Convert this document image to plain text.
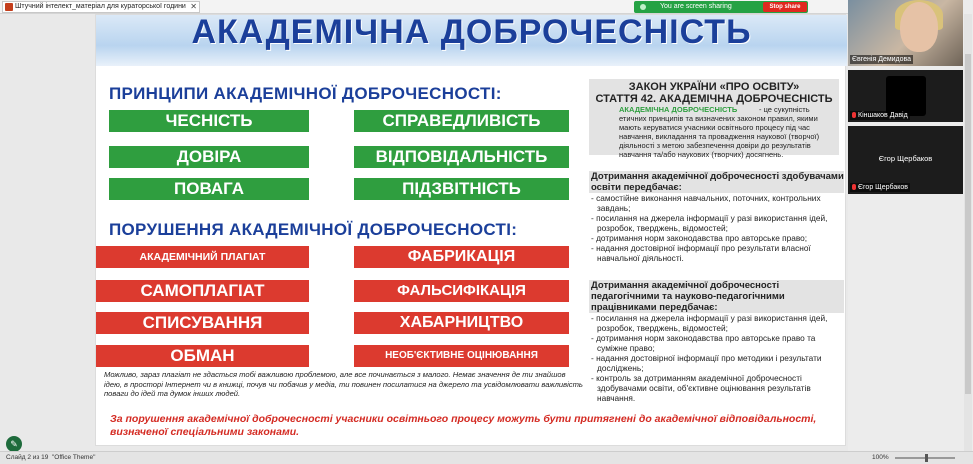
Штучний інтелект_матеріал для кураторської години ✕	You are screen sharing	Stop share
АКАДЕМІЧНА ДОБРОЧЕСНІСТЬ
ПРИНЦИПИ АКАДЕМІЧНОЇ ДОБРОЧЕСНОСТІ:
ЧЕСНІСТЬ	СПРАВЕДЛИВІСТЬ
ДОВІРА	ВІДПОВІДАЛЬНІСТЬ
ПОВАГА	ПІДЗВІТНІСТЬ
ПОРУШЕННЯ АКАДЕМІЧНОЇ ДОБРОЧЕСНОСТІ:
АКАДЕМІЧНИЙ ПЛАГІАТ	ФАБРИКАЦІЯ
САМОПЛАГІАТ	ФАЛЬСИФІКАЦІЯ
СПИСУВАННЯ	ХАБАРНИЦТВО
ОБМАН	НЕОБ'ЄКТИВНЕ ОЦІНЮВАННЯ
Можливо, зараз плагіат не здасться тобі важливою проблемою, але все починається з малого. Немає значення де ти знайшов ідею, в просторі Інтернет чи в книжці, почув чи побачив у медіа, ти повинен посилатися на джерело та усвідомлювати важливість поваги до ідей та думок інших людей.
За порушення академічної доброчесності учасники освітнього процесу можуть бути притягнені до академічної відповідальності, визначеної спеціальними законами.
ЗАКОН УКРАЇНИ «ПРО ОСВІТУ»
СТАТТЯ 42. АКАДЕМІЧНА ДОБРОЧЕСНІСТЬ
- це сукупність етичних принципів та визначених законом правил, якими мають керуватися учасники освітнього процесу під час навчання, викладання та провадження наукової (творчої) діяльності з метою забезпечення довіри до результатів навчання та/або наукових (творчих) досягнень.
АКАДЕМІЧНА ДОБРОЧЕСНІСТЬ
Дотримання академічної доброчесності здобувачами освіти передбачає:
- самостійне виконання навчальних, поточних, контрольних завдань;
- посилання на джерела інформації у разі використання ідей, розробок, тверджень, відомостей;
- дотримання норм законодавства про авторське право;
- надання достовірної інформації про результати власної навчальної діяльності.
Дотримання академічної доброчесності педагогічними та науково-педагогічними працівниками передбачає:
- посилання на джерела інформації у разі використання ідей, розробок, тверджень, відомостей;
- дотримання норм законодавства про авторське право та суміжне право;
- надання достовірної інформації про методики і результати досліджень;
- контроль за дотриманням академічної доброчесності здобувачами освіти, об'єктивне оцінювання результатів навчання.
Євгенія Демидова
Кіншаков Давід
Єгор Щербаков
Єгор Щербаков
✎
Слайд 2 из 19 "Office Theme"	100%
